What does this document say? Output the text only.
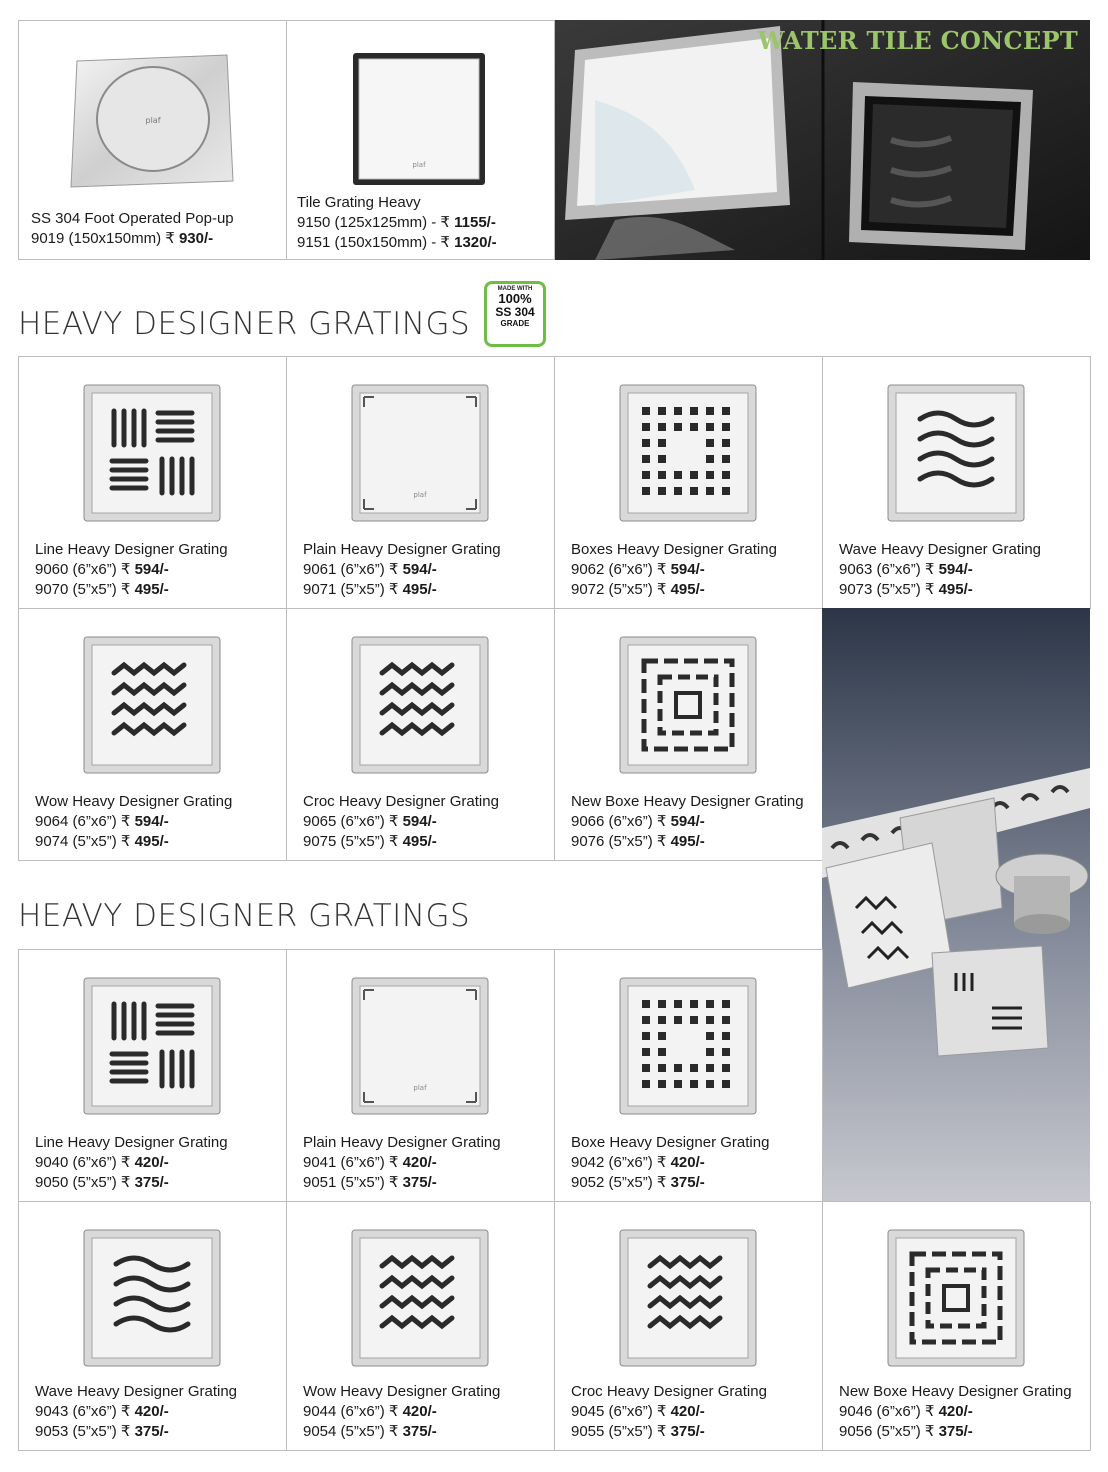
plaf
SS 304 Foot Operated Pop-up
9019 (150x150mm) ₹ 930/-
plaf
Tile Grating Heavy
9150 (125x125mm) - ₹ 1155/-
9151 (150x150mm) - ₹ 1320/-
WATER TILE CONCEPT
HEAVY DESIGNER GRATINGS
MADE WITH
100%
SS 304
GRADE
Line Heavy Designer Grating
9060 (6”x6”) ₹ 594/-
9070 (5”x5”) ₹ 495/-
plaf
Plain Heavy Designer Grating
9061 (6”x6”) ₹ 594/-
9071 (5”x5”) ₹ 495/-
Boxes Heavy Designer Grating
9062 (6”x6”) ₹ 594/-
9072 (5”x5”) ₹ 495/-
Wave Heavy Designer Grating
9063 (6”x6”) ₹ 594/-
9073 (5”x5”) ₹ 495/-
Wow Heavy Designer Grating
9064 (6”x6”) ₹ 594/-
9074 (5”x5”) ₹ 495/-
Croc Heavy Designer Grating
9065 (6”x6”) ₹ 594/-
9075 (5”x5”) ₹ 495/-
New Boxe Heavy Designer Grating
9066 (6”x6”) ₹ 594/-
9076 (5”x5”) ₹ 495/-
HEAVY DESIGNER GRATINGS
Line Heavy Designer Grating
9040 (6”x6”) ₹ 420/-
9050 (5”x5”) ₹ 375/-
plaf
Plain Heavy Designer Grating
9041 (6”x6”) ₹ 420/-
9051 (5”x5”) ₹ 375/-
Boxe Heavy Designer Grating
9042 (6”x6”) ₹ 420/-
9052 (5”x5”) ₹ 375/-
Wave Heavy Designer Grating
9043 (6”x6”) ₹ 420/-
9053 (5”x5”) ₹ 375/-
Wow Heavy Designer Grating
9044 (6”x6”) ₹ 420/-
9054 (5”x5”) ₹ 375/-
Croc Heavy Designer Grating
9045 (6”x6”) ₹ 420/-
9055 (5”x5”) ₹ 375/-
New Boxe Heavy Designer Grating
9046 (6”x6”) ₹ 420/-
9056 (5”x5”) ₹ 375/-
